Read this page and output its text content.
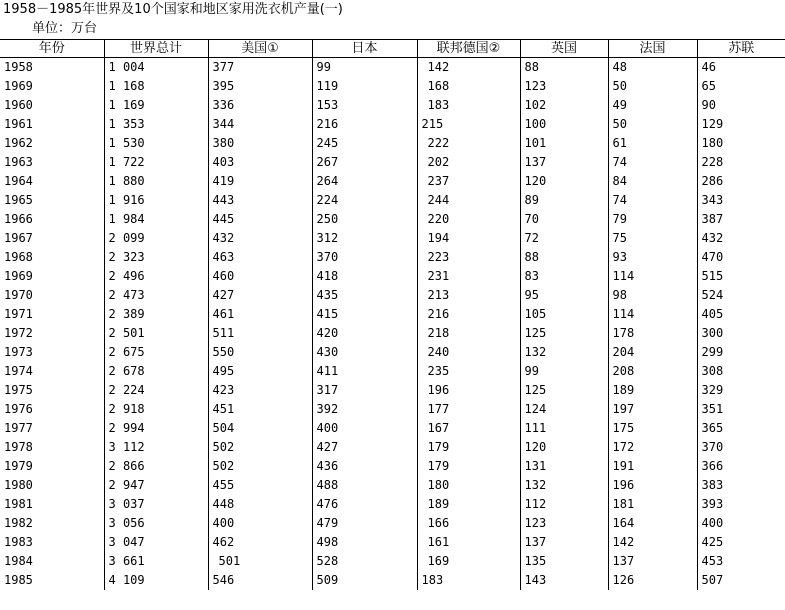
1958－1985年世界及10个国家和地区家用洗衣机产量(一)
单位：万台
年份	世界总计	美国①	日本	联邦德国②	英国	法国	苏联
1958	1 004	377	99	142	88	48	46
1969	1 168	395	119	168	123	50	65
1960	1 169	336	153	183	102	49	90
1961	1 353	344	216	215	100	50	129
1962	1 530	380	245	222	101	61	180
1963	1 722	403	267	202	137	74	228
1964	1 880	419	264	237	120	84	286
1965	1 916	443	224	244	89	74	343
1966	1 984	445	250	220	70	79	387
1967	2 099	432	312	194	72	75	432
1968	2 323	463	370	223	88	93	470
1969	2 496	460	418	231	83	114	515
1970	2 473	427	435	213	95	98	524
1971	2 389	461	415	216	105	114	405
1972	2 501	511	420	218	125	178	300
1973	2 675	550	430	240	132	204	299
1974	2 678	495	411	235	99	208	308
1975	2 224	423	317	196	125	189	329
1976	2 918	451	392	177	124	197	351
1977	2 994	504	400	167	111	175	365
1978	3 112	502	427	179	120	172	370
1979	2 866	502	436	179	131	191	366
1980	2 947	455	488	180	132	196	383
1981	3 037	448	476	189	112	181	393
1982	3 056	400	479	166	123	164	400
1983	3 047	462	498	161	137	142	425
1984	3 661	501	528	169	135	137	453
1985	4 109	546	509	183	143	126	507
